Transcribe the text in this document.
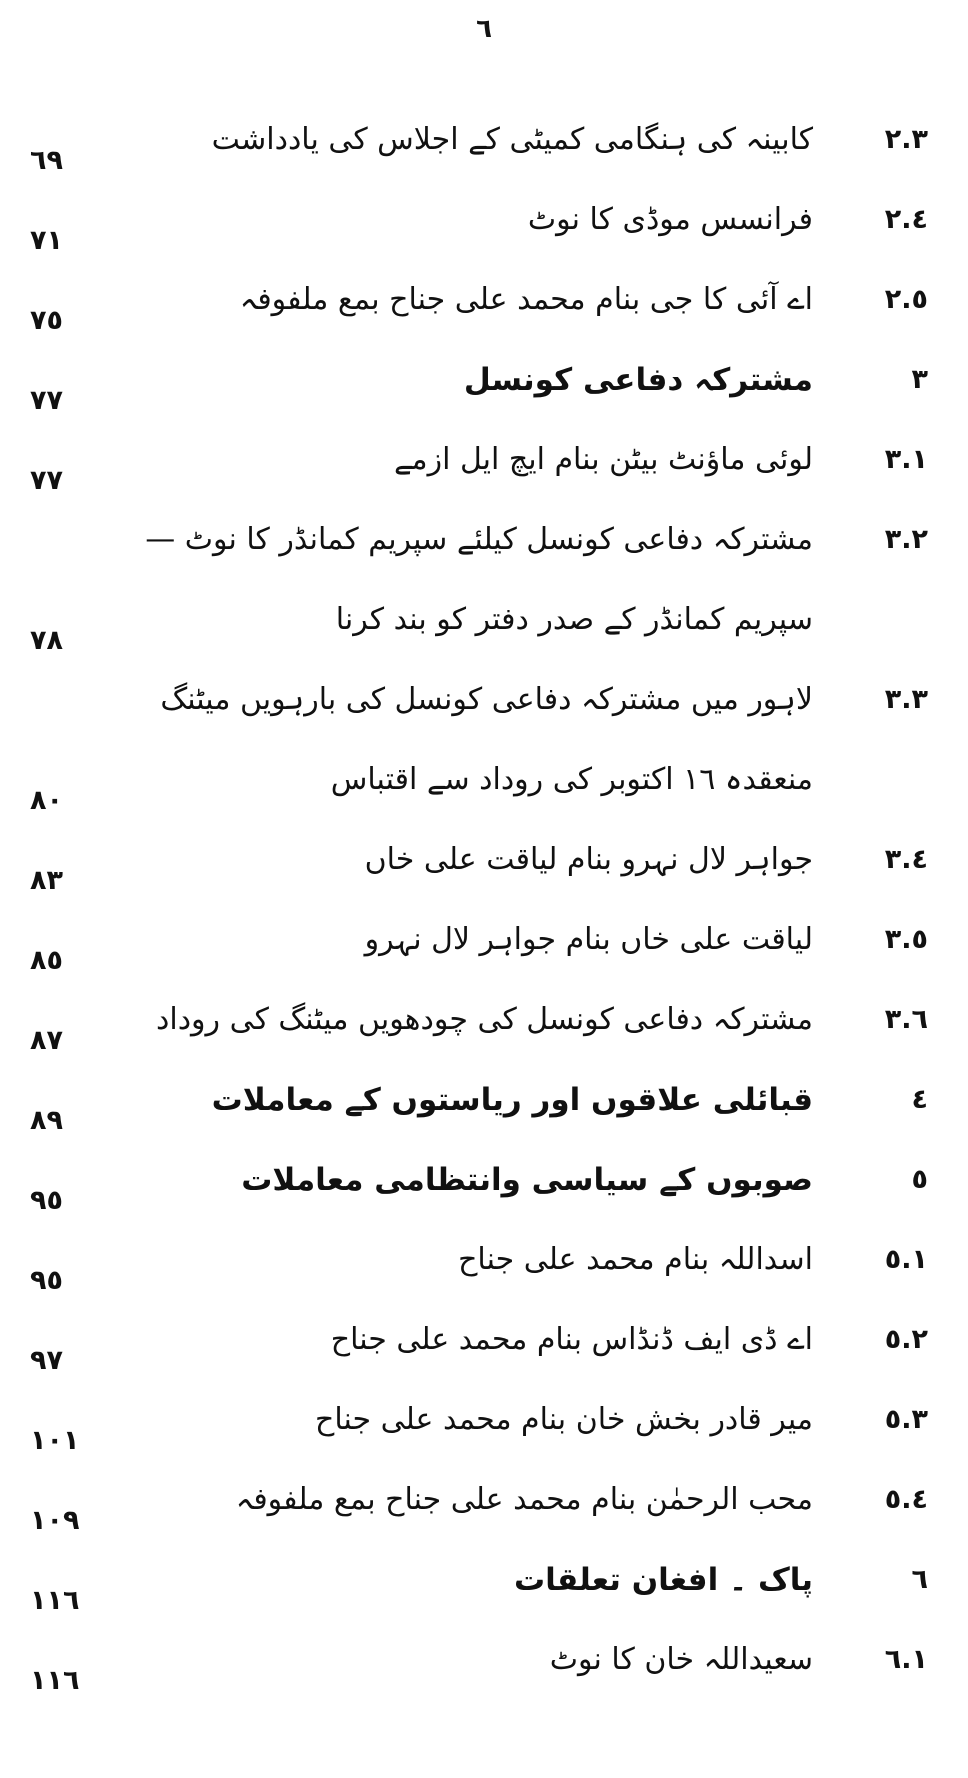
٦
٢.٣
کابینہ کی ہنگامی کمیٹی کے اجلاس کی یادداشت
٦٩
٢.٤
فرانسس موڈی کا نوٹ
٧١
٢.٥
اے آئی کا جی بنام محمد علی جناح بمع ملفوفہ
٧٥
٣
مشترکہ دفاعی کونسل
٧٧
٣.١
لوئی ماؤنٹ بیٹن بنام ایچ ایل ازمے
٧٧
٣.٢
مشترکہ دفاعی کونسل کیلئے سپریم کمانڈر کا نوٹ — سپریم کمانڈر کے صدر دفتر کو بند کرنا
٧٨
٣.٣
لاہور میں مشترکہ دفاعی کونسل کی بارہویں میٹنگ منعقدہ ١٦ اکتوبر کی روداد سے اقتباس
٨٠
٣.٤
جواہر لال نہرو بنام لیاقت علی خاں
٨٣
٣.٥
لیاقت علی خاں بنام جواہر لال نہرو
٨٥
٣.٦
مشترکہ دفاعی کونسل کی چودھویں میٹنگ کی روداد
٨٧
٤
قبائلی علاقوں اور ریاستوں کے معاملات
٨٩
٥
صوبوں کے سیاسی وانتظامی معاملات
٩٥
٥.١
اسداللہ بنام محمد علی جناح
٩٥
٥.٢
اے ڈی ایف ڈنڈاس بنام محمد علی جناح
٩٧
٥.٣
میر قادر بخش خان بنام محمد علی جناح
١٠١
٥.٤
محب الرحمٰن بنام محمد علی جناح بمع ملفوفہ
١٠٩
٦
پاک ۔ افغان تعلقات
١١٦
٦.١
سعیداللہ خان کا نوٹ
١١٦
